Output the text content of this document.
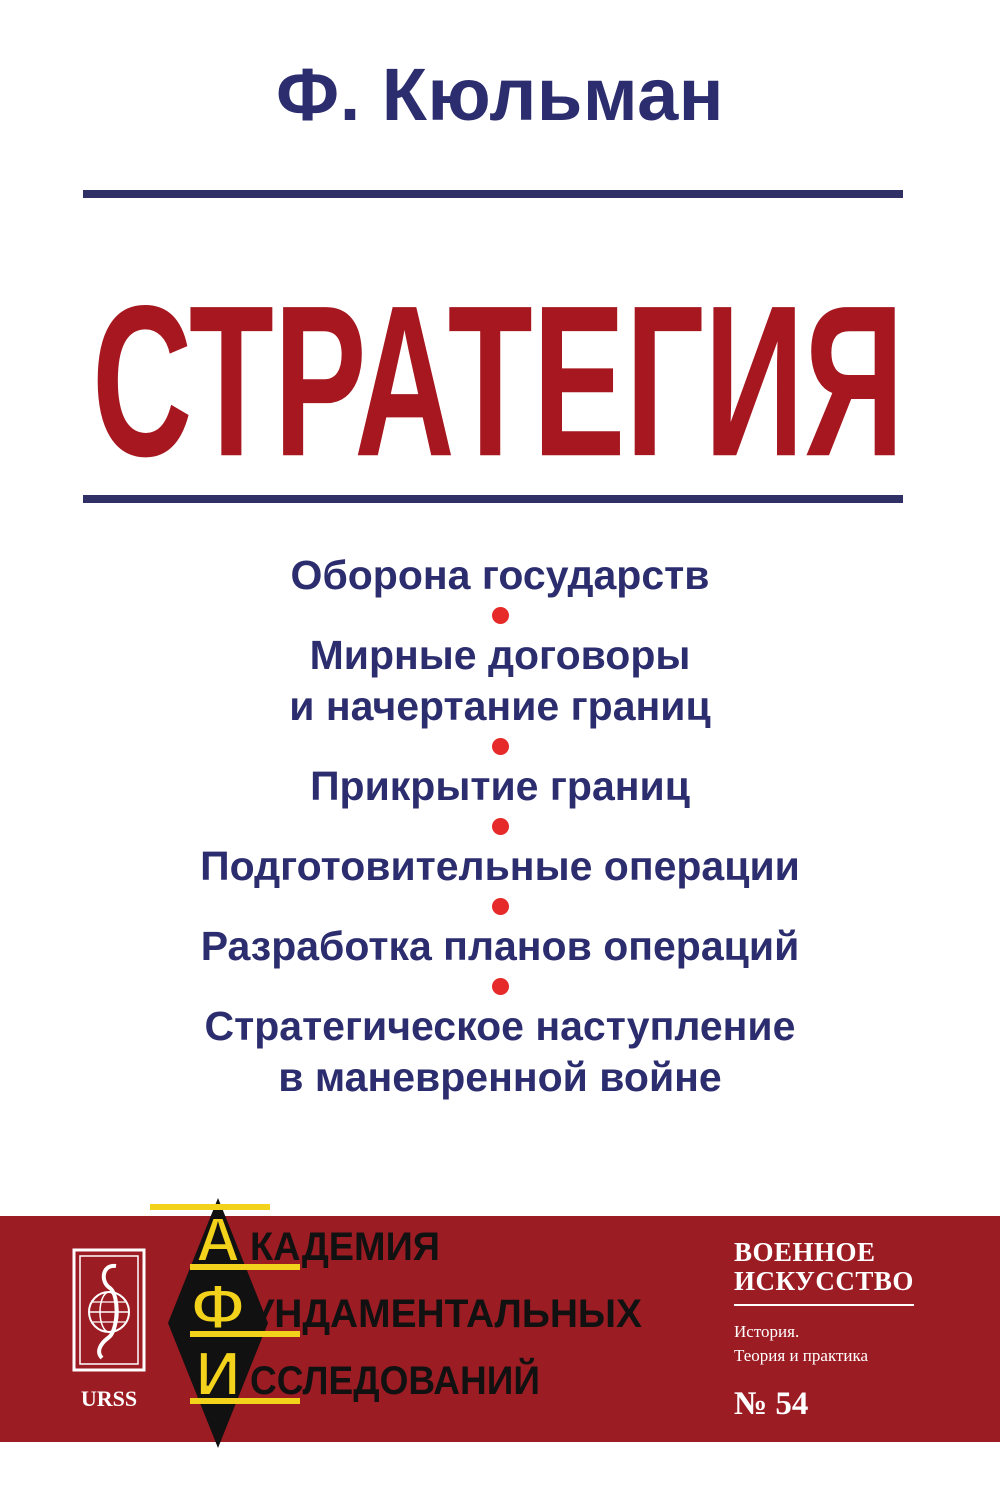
Ф. Кюльман
СТРАТЕГИЯ
Оборона государств
Мирные договоры
и начертание границ
Прикрытие границ
Подготовительные операции
Разработка планов операций
Стратегическое наступление
в маневренной войне
URSS
А
Ф
И
КАДЕМИЯ
УНДАМЕНТАЛЬНЫХ
ССЛЕДОВАНИЙ
ВОЕННОЕ
ИСКУССТВО
История.
Теория и практика
№ 54
